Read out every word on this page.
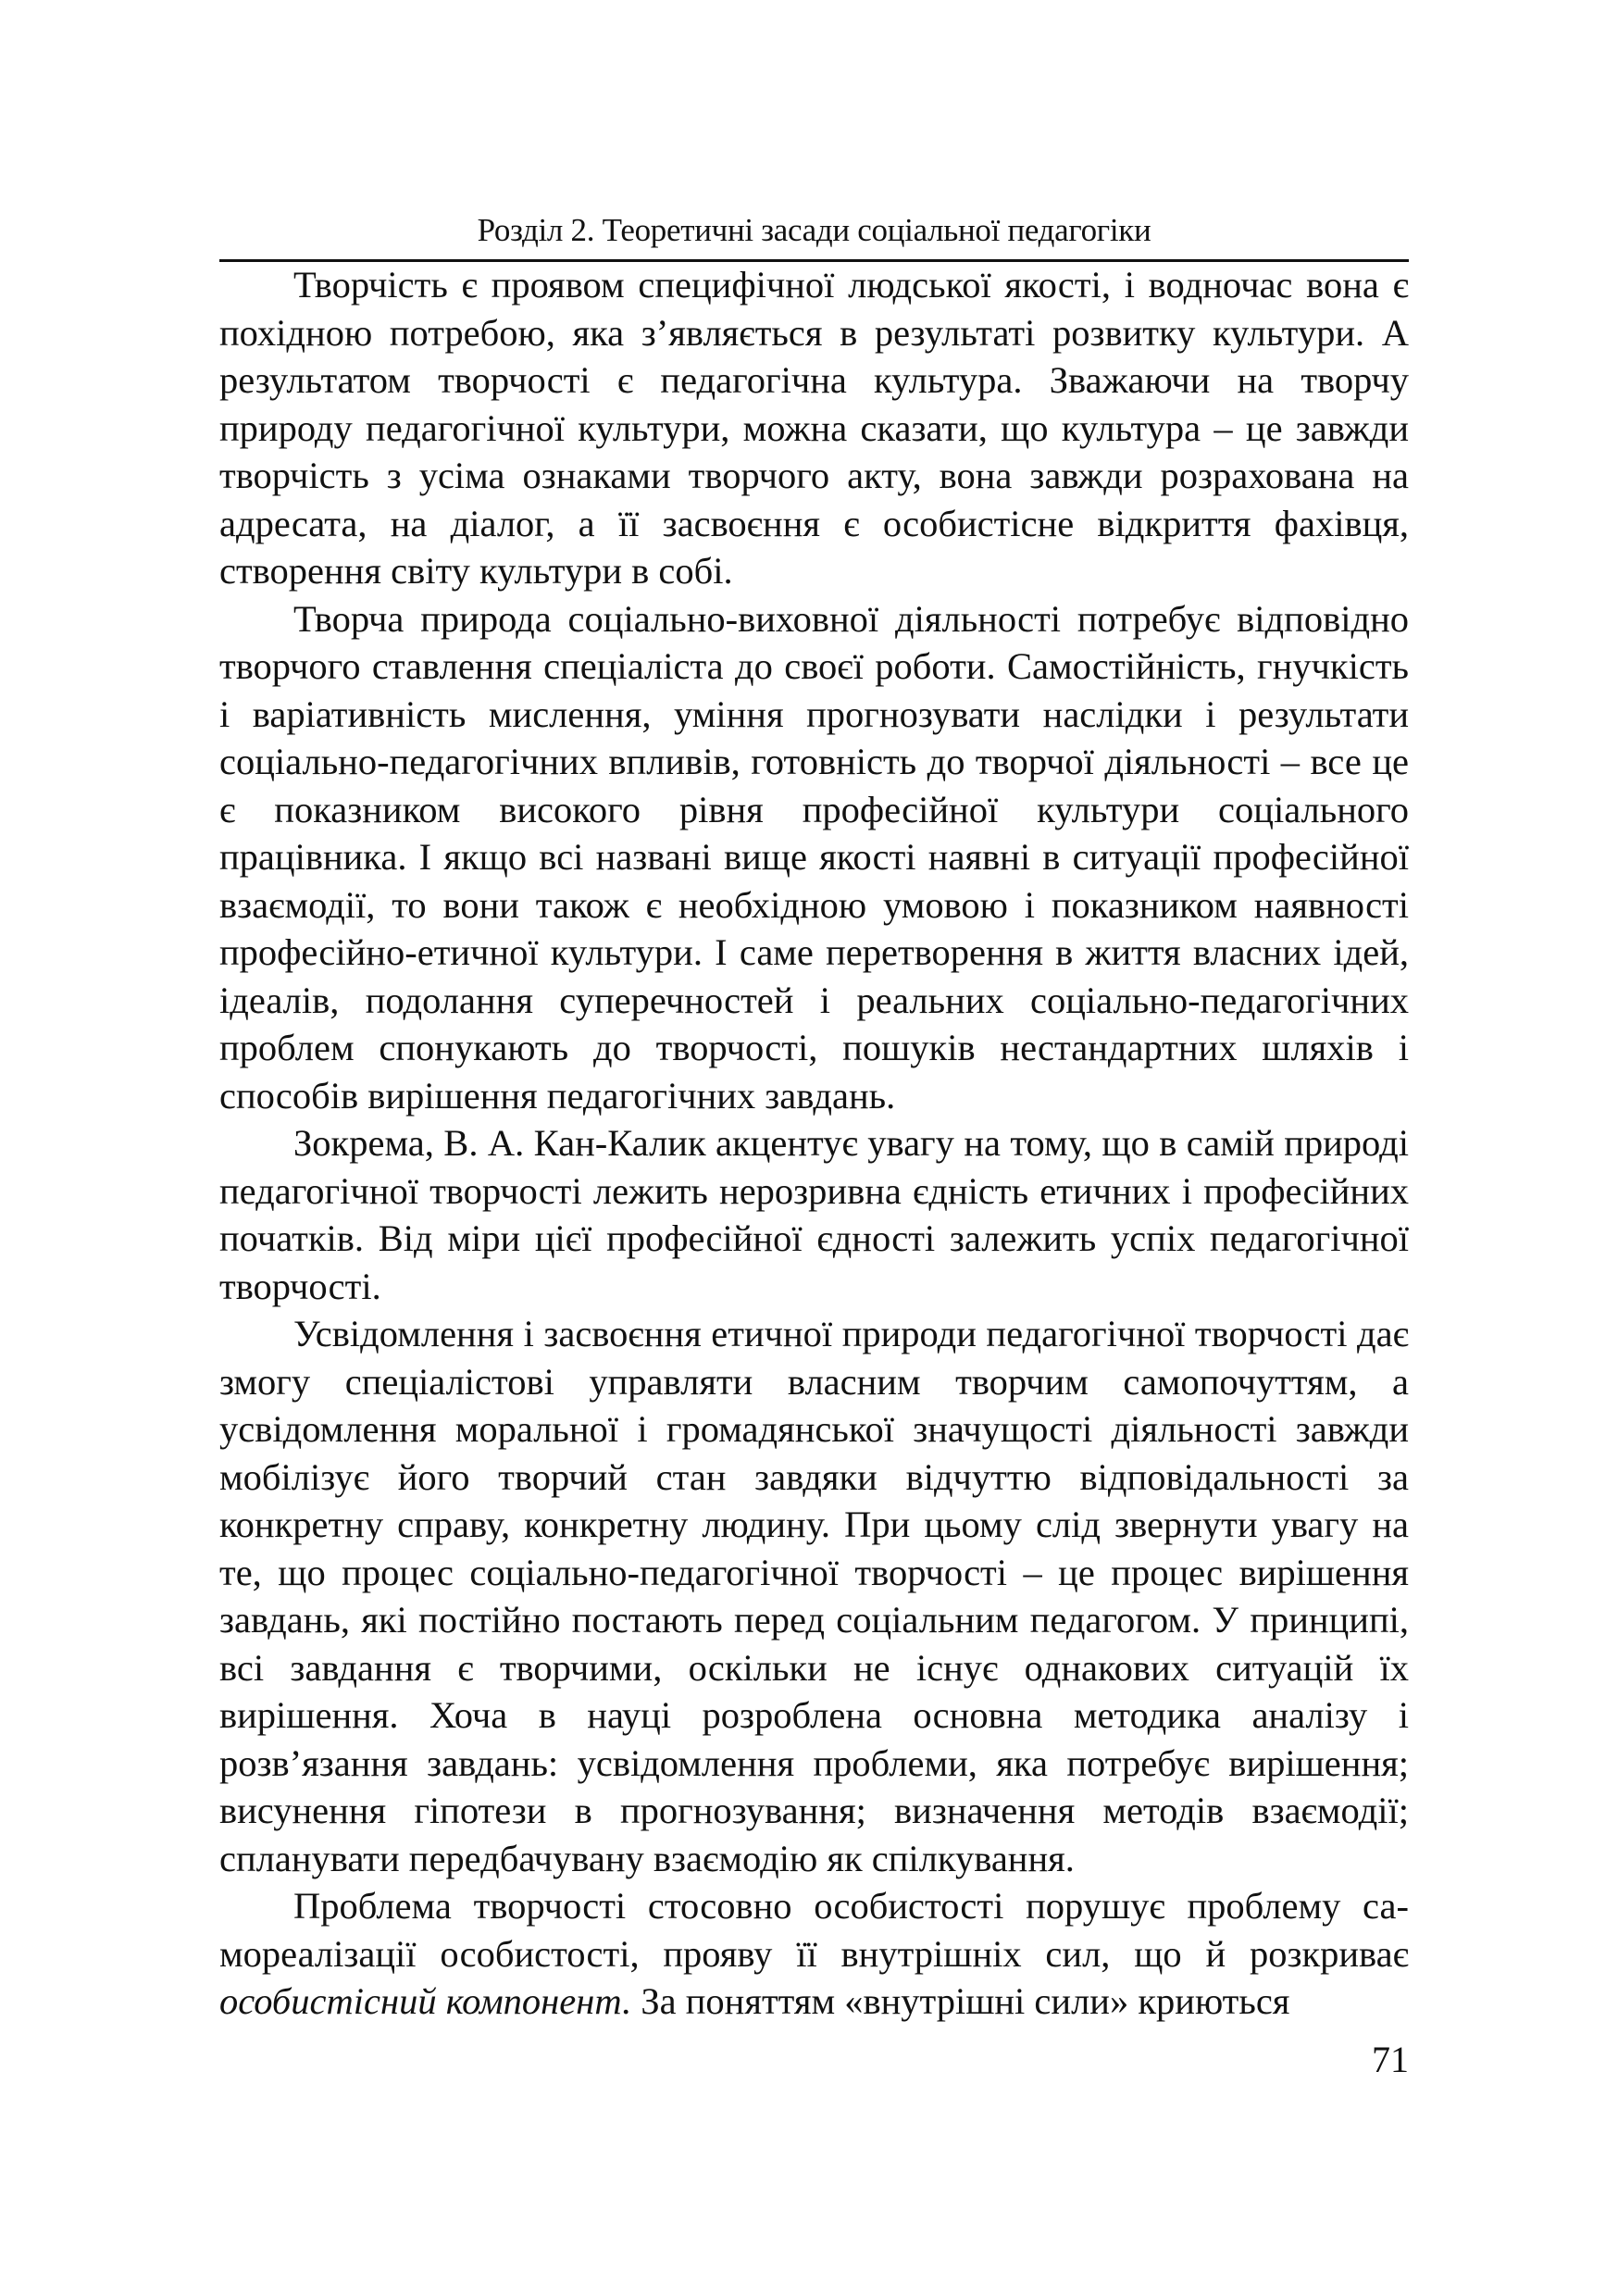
Розділ 2. Теоретичні засади соціальної педагогіки

Творчість є проявом специфічної людської якості, і водночас вона є похідною потребою, яка з’являється в результаті розвитку культури. А результатом творчості є педагогічна культура. Зважаючи на творчу природу педагогічної культури, можна сказати, що культура – це завжди творчість з усіма ознаками творчого акту, вона завжди розрахована на адресата, на діалог, а її засвоєння є особистісне відкриття фахівця, створення світу культури в собі.

Творча природа соціально-виховної діяльності потребує відповідно творчого ставлення спеціаліста до своєї роботи. Самостійність, гнучкість і варіативність мислення, уміння прогнозувати наслідки і результати соціально-педагогічних впливів, готовність до творчої діяльності – все це є показником високого рівня професійної культури соціального працівника. І якщо всі названі вище якості наявні в ситуації професійної взаємодії, то вони також є необхідною умовою і показником наявності професійно-етичної культури. І саме перетворення в життя власних ідей, ідеалів, подолання суперечностей і реальних соціально-педагогічних проблем спонукають до творчості, пошуків нестандартних шляхів і способів вирішення педагогічних завдань.

Зокрема, В. А. Кан-Калик акцентує увагу на тому, що в самій природі педагогічної творчості лежить нерозривна єдність етичних і професійних початків. Від міри цієї професійної єдності залежить успіх педагогічної творчості.

Усвідомлення і засвоєння етичної природи педагогічної творчості дає змогу спеціалістові управляти власним творчим самопочуттям, а усвідомлення моральної і громадянської значущості діяльності завжди мобілізує його творчий стан завдяки відчуттю відповідальності за конкретну справу, конкретну людину. При цьому слід звернути увагу на те, що процес соціально-педагогічної творчості – це процес вирішення завдань, які постійно постають перед соціальним педагогом. У принципі, всі завдання є творчими, оскільки не існує однакових ситуацій їх вирішення. Хоча в науці розроблена основна методика аналізу і розв’язання завдань: усвідомлення проблеми, яка потребує вирішення; висунення гіпотези в прогнозування; визначення методів взаємодії; спланувати передбачувану взаємодію як спілкування.

Проблема творчості стосовно особистості порушує проблему самореалізації особистості, прояву її внутрішніх сил, що й розкриває особистісний компонент. За поняттям «внутрішні сили» криються

71
